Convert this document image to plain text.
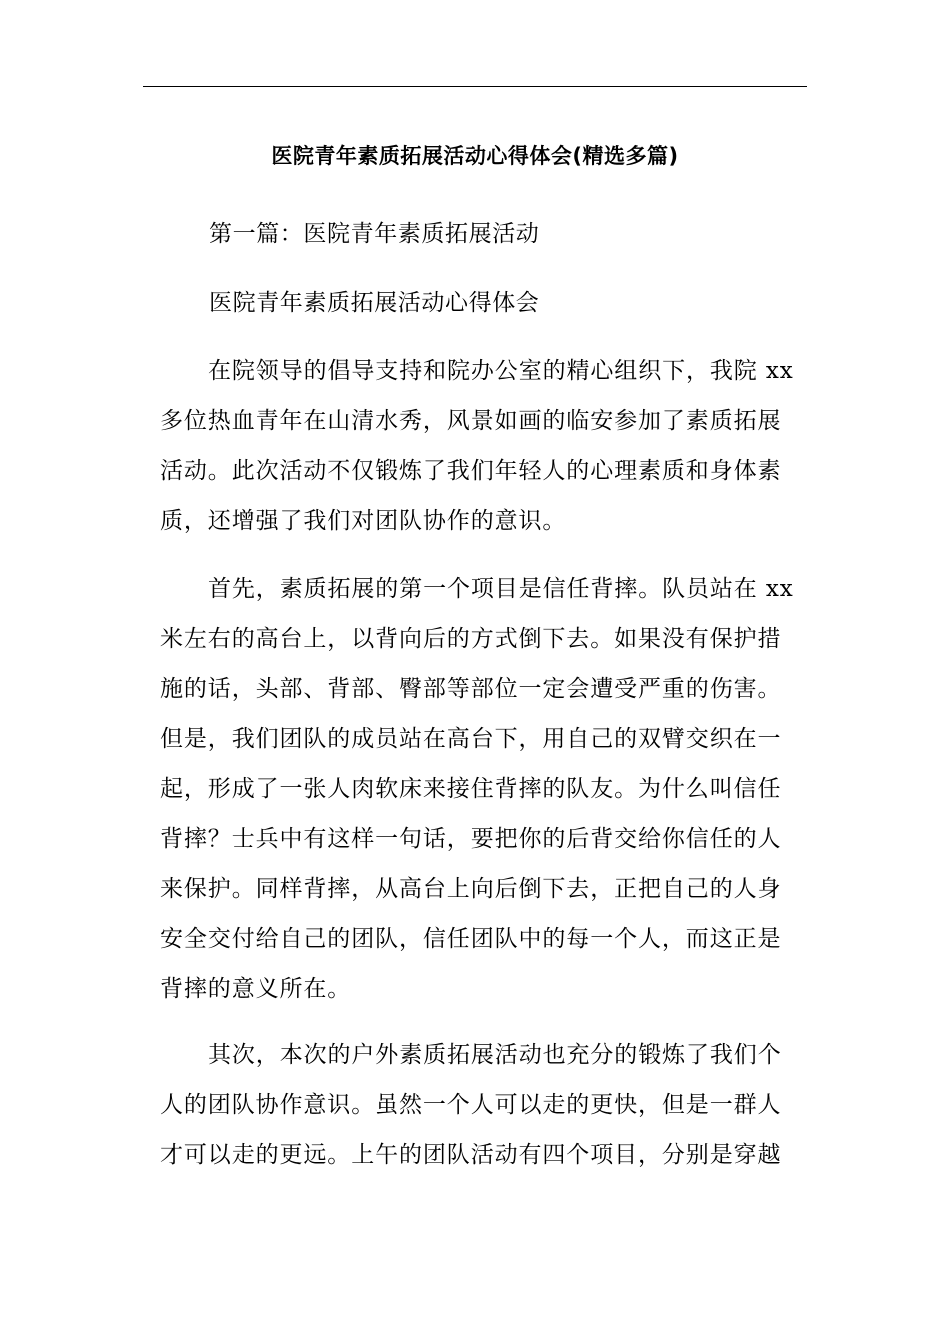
医院青年素质拓展活动心得体会(精选多篇)
第一篇：医院青年素质拓展活动
医院青年素质拓展活动心得体会
在院领导的倡导支持和院办公室的精心组织下，我院 xx
多位热血青年在山清水秀，风景如画的临安参加了素质拓展
活动。此次活动不仅锻炼了我们年轻人的心理素质和身体素
质，还增强了我们对团队协作的意识。
首先，素质拓展的第一个项目是信任背摔。队员站在 xx
米左右的高台上，以背向后的方式倒下去。如果没有保护措
施的话，头部、背部、臀部等部位一定会遭受严重的伤害。
但是，我们团队的成员站在高台下，用自己的双臂交织在一
起，形成了一张人肉软床来接住背摔的队友。为什么叫信任
背摔？士兵中有这样一句话，要把你的后背交给你信任的人
来保护。同样背摔，从高台上向后倒下去，正把自己的人身
安全交付给自己的团队，信任团队中的每一个人，而这正是
背摔的意义所在。
其次，本次的户外素质拓展活动也充分的锻炼了我们个
人的团队协作意识。虽然一个人可以走的更快，但是一群人
才可以走的更远。上午的团队活动有四个项目，分别是穿越
